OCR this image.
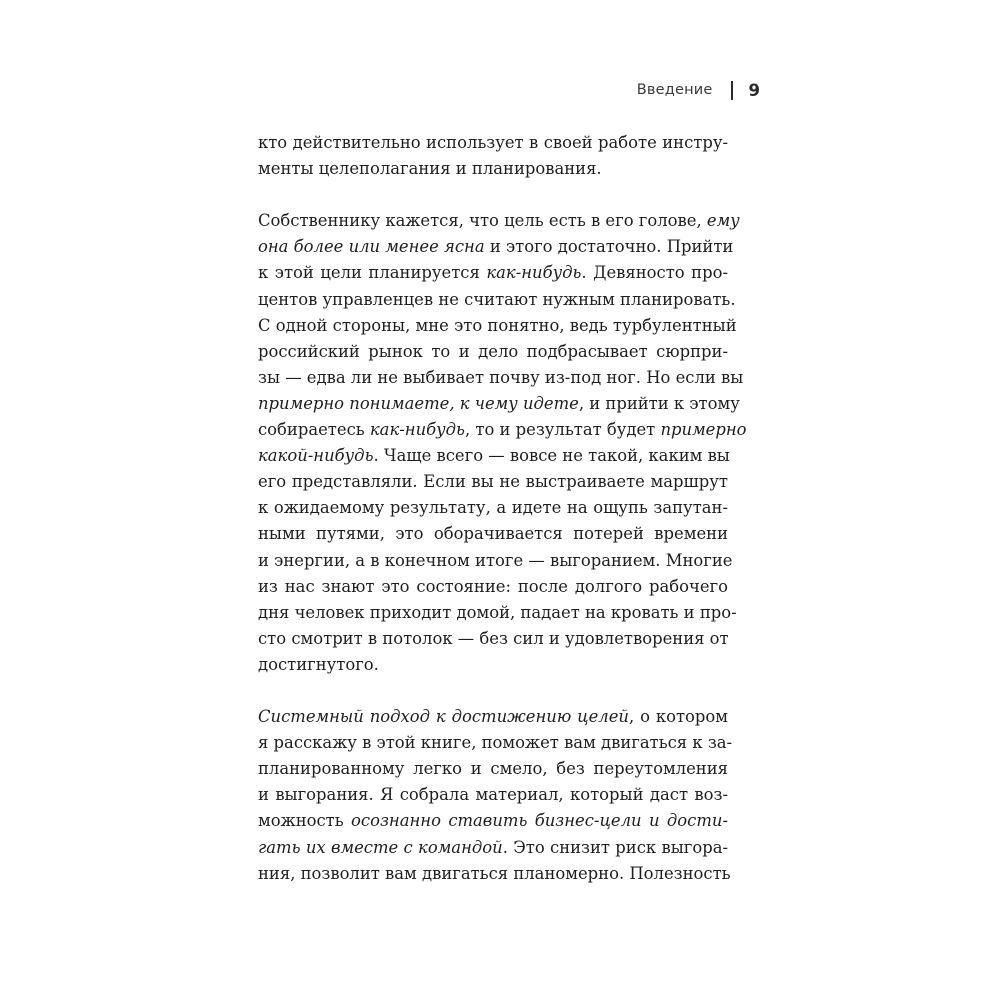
Введение 9
кто действительно использует в своей работе инстру-
менты целеполагания и планирования.
Собственнику кажется, что цель есть в его голове, ему
она более или менее ясна и этого достаточно. Прийти
к этой цели планируется как-нибудь. Девяносто про-
центов управленцев не считают нужным планировать.
С одной стороны, мне это понятно, ведь турбулентный
российский рынок то и дело подбрасывает сюрпри-
зы — едва ли не выбивает почву из-под ног. Но если вы
примерно понимаете, к чему идете, и прийти к этому
собираетесь как-нибудь, то и результат будет примерно
какой-нибудь. Чаще всего — вовсе не такой, каким вы
его представляли. Если вы не выстраиваете маршрут
к ожидаемому результату, а идете на ощупь запутан-
ными путями, это оборачивается потерей времени
и энергии, а в конечном итоге — выгоранием. Многие
из нас знают это состояние: после долгого рабочего
дня человек приходит домой, падает на кровать и про-
сто смотрит в потолок — без сил и удовлетворения от
достигнутого.
Системный подход к достижению целей, о котором
я расскажу в этой книге, поможет вам двигаться к за-
планированному легко и смело, без переутомления
и выгорания. Я собрала материал, который даст воз-
можность осознанно ставить бизнес-цели и дости-
гать их вместе с командой. Это снизит риск выгора-
ния, позволит вам двигаться планомерно. Полезность
